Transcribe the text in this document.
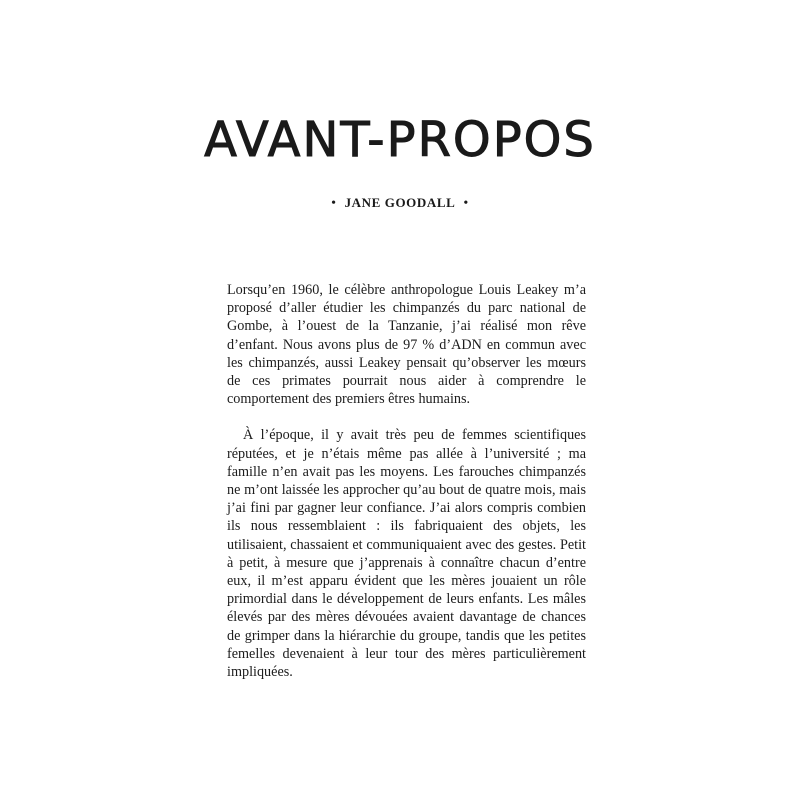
AVANT-PROPOS
• JANE GOODALL •

Lorsqu’en 1960, le célèbre anthropologue Louis Leakey m’a proposé d’aller étudier les chimpanzés du parc national de Gombe, à l’ouest de la Tanzanie, j’ai réalisé mon rêve d’enfant. Nous avons plus de 97 % d’ADN en commun avec les chimpanzés, aussi Leakey pensait qu’observer les mœurs de ces primates pourrait nous aider à comprendre le comportement des premiers êtres humains.

À l’époque, il y avait très peu de femmes scientifiques réputées, et je n’étais même pas allée à l’université ; ma famille n’en avait pas les moyens. Les farouches chimpanzés ne m’ont laissée les approcher qu’au bout de quatre mois, mais j’ai fini par gagner leur confiance. J’ai alors compris combien ils nous ressemblaient : ils fabriquaient des objets, les utilisaient, chassaient et communiquaient avec des gestes. Petit à petit, à mesure que j’apprenais à connaître chacun d’entre eux, il m’est apparu évident que les mères jouaient un rôle primordial dans le développement de leurs enfants. Les mâles élevés par des mères dévouées avaient davantage de chances de grimper dans la hiérarchie du groupe, tandis que les petites femelles devenaient à leur tour des mères particulièrement impliquées.
